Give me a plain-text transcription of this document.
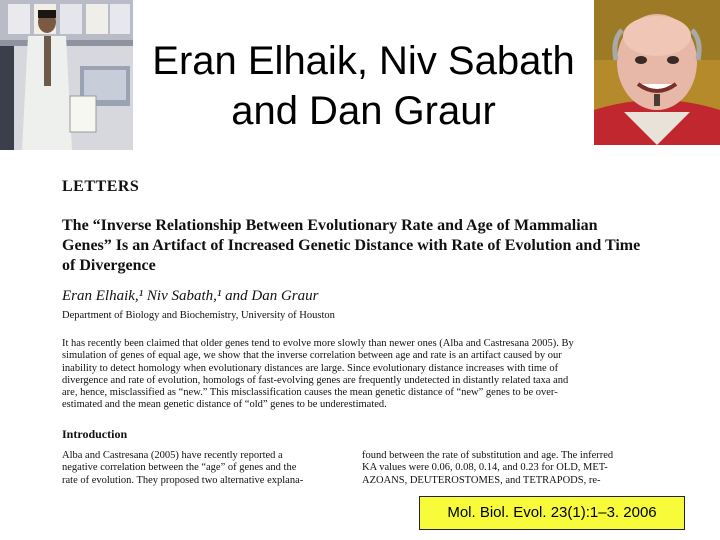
Eran Elhaik, Niv Sabath
and Dan Graur
LETTERS
The “Inverse Relationship Between Evolutionary Rate and Age of Mammalian Genes” Is an Artifact of Increased Genetic Distance with Rate of Evolution and Time of Divergence
Eran Elhaik,¹ Niv Sabath,¹ and Dan Graur
Department of Biology and Biochemistry, University of Houston
It has recently been claimed that older genes tend to evolve more slowly than newer ones (Alba and Castresana 2005). By
simulation of genes of equal age, we show that the inverse correlation between age and rate is an artifact caused by our
inability to detect homology when evolutionary distances are large. Since evolutionary distance increases with time of
divergence and rate of evolution, homologs of fast-evolving genes are frequently undetected in distantly related taxa and
are, hence, misclassified as “new.” This misclassification causes the mean genetic distance of “new” genes to be over-
estimated and the mean genetic distance of “old” genes to be underestimated.
Introduction
Alba and Castresana (2005) have recently reported a
negative correlation between the “age” of genes and the
rate of evolution. They proposed two alternative explana-
found between the rate of substitution and age. The inferred
KA values were 0.06, 0.08, 0.14, and 0.23 for OLD, MET-
AZOANS, DEUTEROSTOMES, and TETRAPODS, re-
Mol. Biol. Evol. 23(1):1–3. 2006
